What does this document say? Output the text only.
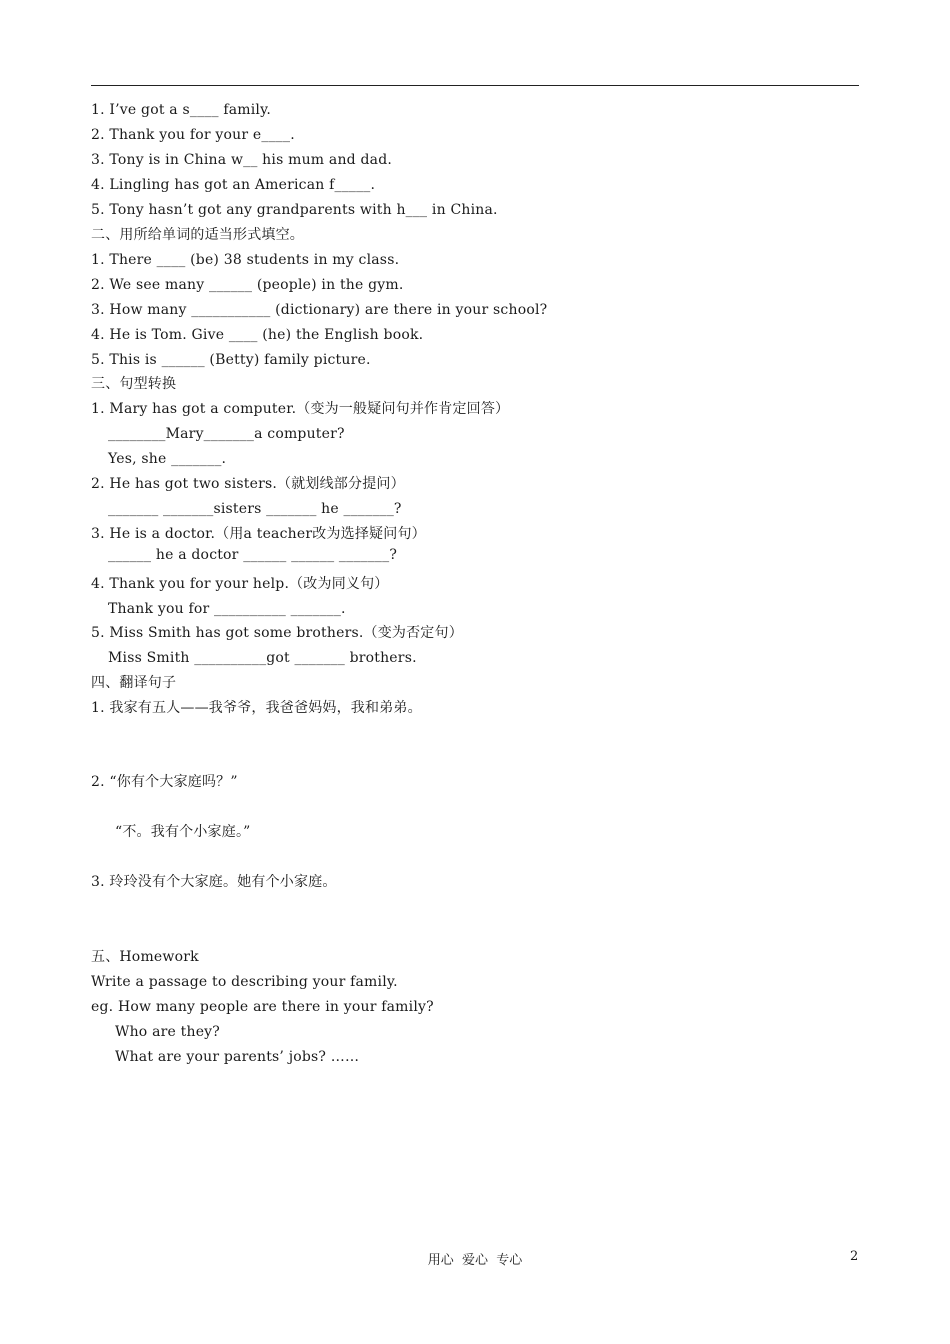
1. I’ve got a s____ family.
2. Thank you for your e____.
3. Tony is in China w__ his mum and dad.
4. Lingling has got an American f_____.
5. Tony hasn’t got any grandparents with h___ in China.
二、用所给单词的适当形式填空。
1. There ____ (be) 38 students in my class.
2. We see many ______ (people) in the gym.
3. How many ___________ (dictionary) are there in your school?
4. He is Tom. Give ____ (he) the English book.
5. This is ______ (Betty) family picture.
三、句型转换
1. Mary has got a computer.（变为一般疑问句并作肯定回答）
________Mary_______a computer?
Yes, she _______.
2. He has got two sisters.（就划线部分提问）
_______ _______sisters _______ he _______?
3. He is a doctor.（用a teacher改为选择疑问句）
______ he a doctor ______ ______ _______?
4. Thank you for your help.（改为同义句）
Thank you for __________ _______.
5. Miss Smith has got some brothers.（变为否定句）
Miss Smith __________got _______ brothers.
四、翻译句子
1. 我家有五人——我爷爷，我爸爸妈妈，我和弟弟。
2. “你有个大家庭吗？”
“不。我有个小家庭。”
3. 玲玲没有个大家庭。她有个小家庭。
五、Homework
Write a passage to describing your family.
eg. How many people are there in your family?
Who are they?
What are your parents’ jobs? ……
用心  爱心  专心	2
